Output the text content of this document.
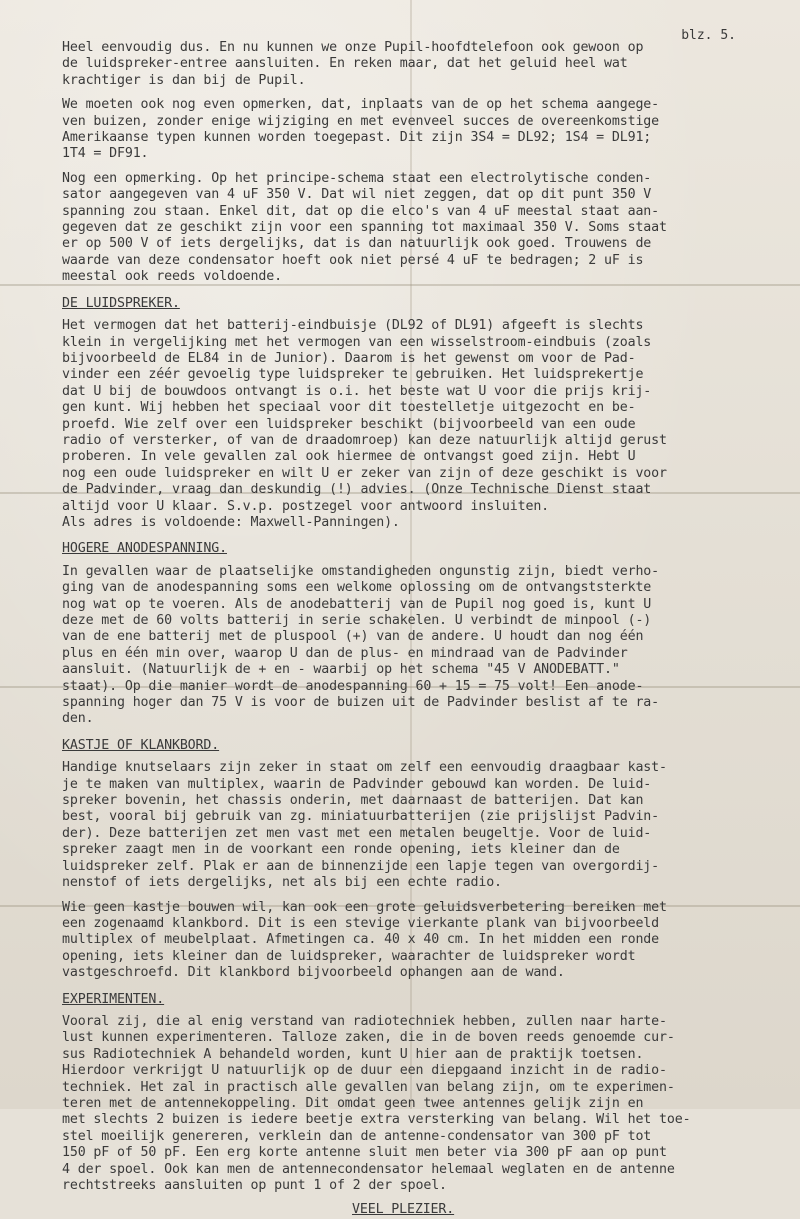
blz. 5.

Heel eenvoudig dus. En nu kunnen we onze Pupil-hoofdtelefoon ook gewoon op
de luidspreker-entree aansluiten. En reken maar, dat het geluid heel wat
krachtiger is dan bij de Pupil.

We moeten ook nog even opmerken, dat, inplaats van de op het schema aangege-
ven buizen, zonder enige wijziging en met evenveel succes de overeenkomstige
Amerikaanse typen kunnen worden toegepast. Dit zijn 3S4 = DL92; 1S4 = DL91;
1T4 = DF91.

Nog een opmerking. Op het principe-schema staat een electrolytische conden-
sator aangegeven van 4 uF 350 V. Dat wil niet zeggen, dat op dit punt 350 V
spanning zou staan. Enkel dit, dat op die elco's van 4 uF meestal staat aan-
gegeven dat ze geschikt zijn voor een spanning tot maximaal 350 V. Soms staat
er op 500 V of iets dergelijks, dat is dan natuurlijk ook goed. Trouwens de
waarde van deze condensator hoeft ook niet persé 4 uF te bedragen; 2 uF is
meestal ook reeds voldoende.

DE LUIDSPREKER.

Het vermogen dat het batterij-eindbuisje (DL92 of DL91) afgeeft is slechts
klein in vergelijking met het vermogen van een wisselstroom-eindbuis (zoals
bijvoorbeeld de EL84 in de Junior). Daarom is het gewenst om voor de Pad-
vinder een zéér gevoelig type luidspreker te gebruiken. Het luidsprekertje
dat U bij de bouwdoos ontvangt is o.i. het beste wat U voor die prijs krij-
gen kunt. Wij hebben het speciaal voor dit toestelletje uitgezocht en be-
proefd. Wie zelf over een luidspreker beschikt (bijvoorbeeld van een oude
radio of versterker, of van de draadomroep) kan deze natuurlijk altijd gerust
proberen. In vele gevallen zal ook hiermee de ontvangst goed zijn. Hebt U
nog een oude luidspreker en wilt U er zeker van zijn of deze geschikt is voor
de Padvinder, vraag dan deskundig (!) advies. (Onze Technische Dienst staat
altijd voor U klaar. S.v.p. postzegel voor antwoord insluiten.
Als adres is voldoende: Maxwell-Panningen).

HOGERE ANODESPANNING.

In gevallen waar de plaatselijke omstandigheden ongunstig zijn, biedt verho-
ging van de anodespanning soms een welkome oplossing om de ontvangststerkte
nog wat op te voeren. Als de anodebatterij van de Pupil nog goed is, kunt U
deze met de 60 volts batterij in serie schakelen. U verbindt de minpool (-)
van de ene batterij met de pluspool (+) van de andere. U houdt dan nog één
plus en één min over, waarop U dan de plus- en mindraad van de Padvinder
aansluit. (Natuurlijk de + en - waarbij op het schema "45 V ANODEBATT."
staat). Op die manier wordt de anodespanning 60 + 15 = 75 volt! Een anode-
spanning hoger dan 75 V is voor de buizen uit de Padvinder beslist af te ra-
den.

KASTJE OF KLANKBORD.

Handige knutselaars zijn zeker in staat om zelf een eenvoudig draagbaar kast-
je te maken van multiplex, waarin de Padvinder gebouwd kan worden. De luid-
spreker bovenin, het chassis onderin, met daarnaast de batterijen. Dat kan
best, vooral bij gebruik van zg. miniatuurbatterijen (zie prijslijst Padvin-
der). Deze batterijen zet men vast met een metalen beugeltje. Voor de luid-
spreker zaagt men in de voorkant een ronde opening, iets kleiner dan de
luidspreker zelf. Plak er aan de binnenzijde een lapje tegen van overgordij-
nenstof of iets dergelijks, net als bij een echte radio.

Wie geen kastje bouwen wil, kan ook een grote geluidsverbetering bereiken met
een zogenaamd klankbord. Dit is een stevige vierkante plank van bijvoorbeeld
multiplex of meubelplaat. Afmetingen ca. 40 x 40 cm. In het midden een ronde
opening, iets kleiner dan de luidspreker, waarachter de luidspreker wordt
vastgeschroefd. Dit klankbord bijvoorbeeld ophangen aan de wand.

EXPERIMENTEN.

Vooral zij, die al enig verstand van radiotechniek hebben, zullen naar harte-
lust kunnen experimenteren. Talloze zaken, die in de boven reeds genoemde cur-
sus Radiotechniek A behandeld worden, kunt U hier aan de praktijk toetsen.
Hierdoor verkrijgt U natuurlijk op de duur een diepgaand inzicht in de radio-
techniek. Het zal in practisch alle gevallen van belang zijn, om te experimen-
teren met de antennekoppeling. Dit omdat geen twee antennes gelijk zijn en
met slechts 2 buizen is iedere beetje extra versterking van belang. Wil het toe-
stel moeilijk genereren, verklein dan de antenne-condensator van 300 pF tot
150 pF of 50 pF. Een erg korte antenne sluit men beter via 300 pF aan op punt
4 der spoel. Ook kan men de antennecondensator helemaal weglaten en de antenne
rechtstreeks aansluiten op punt 1 of 2 der spoel.

VEEL PLEZIER.
